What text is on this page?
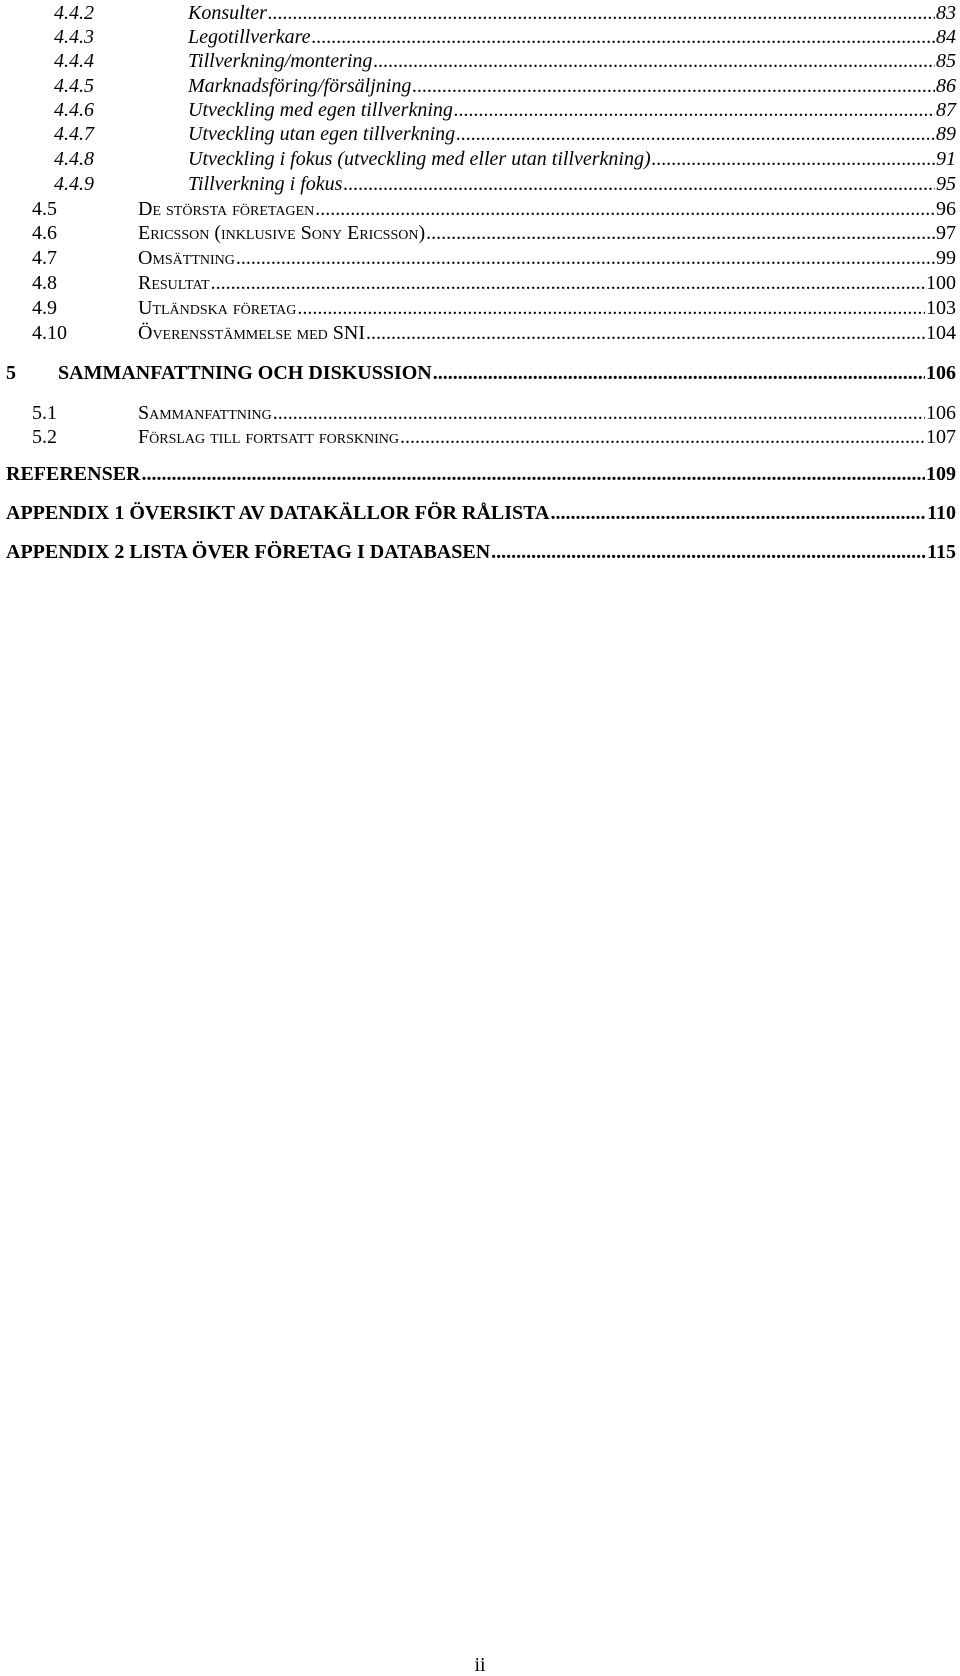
4.4.2	Konsulter .....	83
4.4.3	Legotillverkare .....	84
4.4.4	Tillverkning/montering .....	85
4.4.5	Marknadsföring/försäljning .....	86
4.4.6	Utveckling med egen tillverkning .....	87
4.4.7	Utveckling utan egen tillverkning .....	89
4.4.8	Utveckling i fokus (utveckling med eller utan tillverkning) .....	91
4.4.9	Tillverkning i fokus .....	95
4.5	De största företagen .....	96
4.6	Ericsson (inklusive Sony Ericsson) .....	97
4.7	Omsättning .....	99
4.8	Resultat .....	100
4.9	Utländska företag .....	103
4.10	Överensstämmelse med SNI .....	104
5	SAMMANFATTNING OCH DISKUSSION .....	106
5.1	Sammanfattning .....	106
5.2	Förslag till fortsatt forskning .....	107
REFERENSER .....	109
APPENDIX 1 ÖVERSIKT AV DATAKÄLLOR FÖR RÅLISTA .....	110
APPENDIX 2 LISTA ÖVER FÖRETAG I DATABASEN .....	115
ii
